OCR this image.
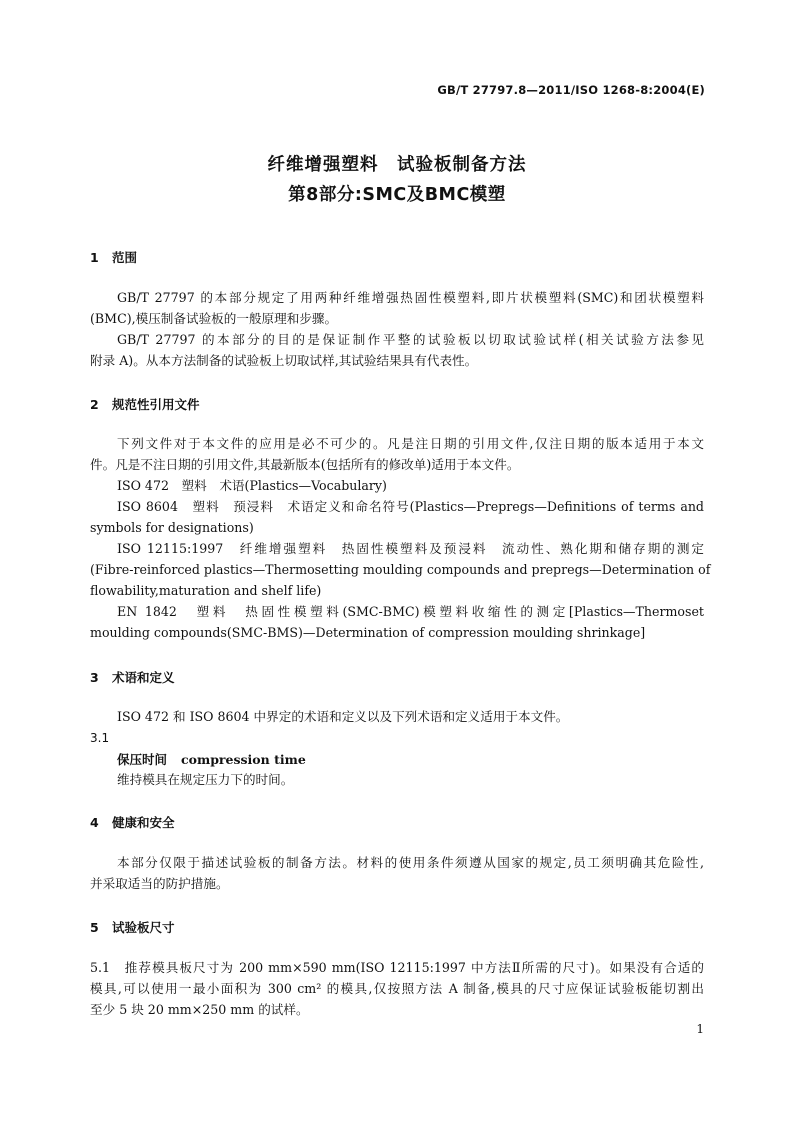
GB/T 27797.8—2011/ISO 1268-8:2004(E)
纤维增强塑料　试验板制备方法
第8部分:SMC及BMC模塑
1 范围
GB/T 27797 的本部分规定了用两种纤维增强热固性模塑料,即片状模塑料(SMC)和团状模塑料
(BMC),模压制备试验板的一般原理和步骤。
GB/T 27797 的本部分的目的是保证制作平整的试验板以切取试验试样(相关试验方法参见
附录 A)。从本方法制备的试验板上切取试样,其试验结果具有代表性。
2 规范性引用文件
下列文件对于本文件的应用是必不可少的。凡是注日期的引用文件,仅注日期的版本适用于本文
件。凡是不注日期的引用文件,其最新版本(包括所有的修改单)适用于本文件。
ISO 472　塑料　术语(Plastics—Vocabulary)
ISO 8604　塑料　预浸料　术语定义和命名符号(Plastics—Prepregs—Definitions of terms and
symbols for designations)
ISO 12115:1997　纤维增强塑料　热固性模塑料及预浸料　流动性、熟化期和储存期的测定
(Fibre-reinforced plastics—Thermosetting moulding compounds and prepregs—Determination of
flowability,maturation and shelf life)
EN 1842　塑料　热固性模塑料(SMC-BMC)模塑料收缩性的测定[Plastics—Thermoset
moulding compounds(SMC-BMS)—Determination of compression moulding shrinkage]
3 术语和定义
ISO 472 和 ISO 8604 中界定的术语和定义以及下列术语和定义适用于本文件。
3.1
保压时间 compression time
维持模具在规定压力下的时间。
4 健康和安全
本部分仅限于描述试验板的制备方法。材料的使用条件须遵从国家的规定,员工须明确其危险性,
并采取适当的防护措施。
5 试验板尺寸
5.1　推荐模具板尺寸为 200 mm×590 mm(ISO 12115:1997 中方法Ⅱ所需的尺寸)。如果没有合适的
模具,可以使用一最小面积为 300 cm² 的模具,仅按照方法 A 制备,模具的尺寸应保证试验板能切割出
至少 5 块 20 mm×250 mm 的试样。
1
